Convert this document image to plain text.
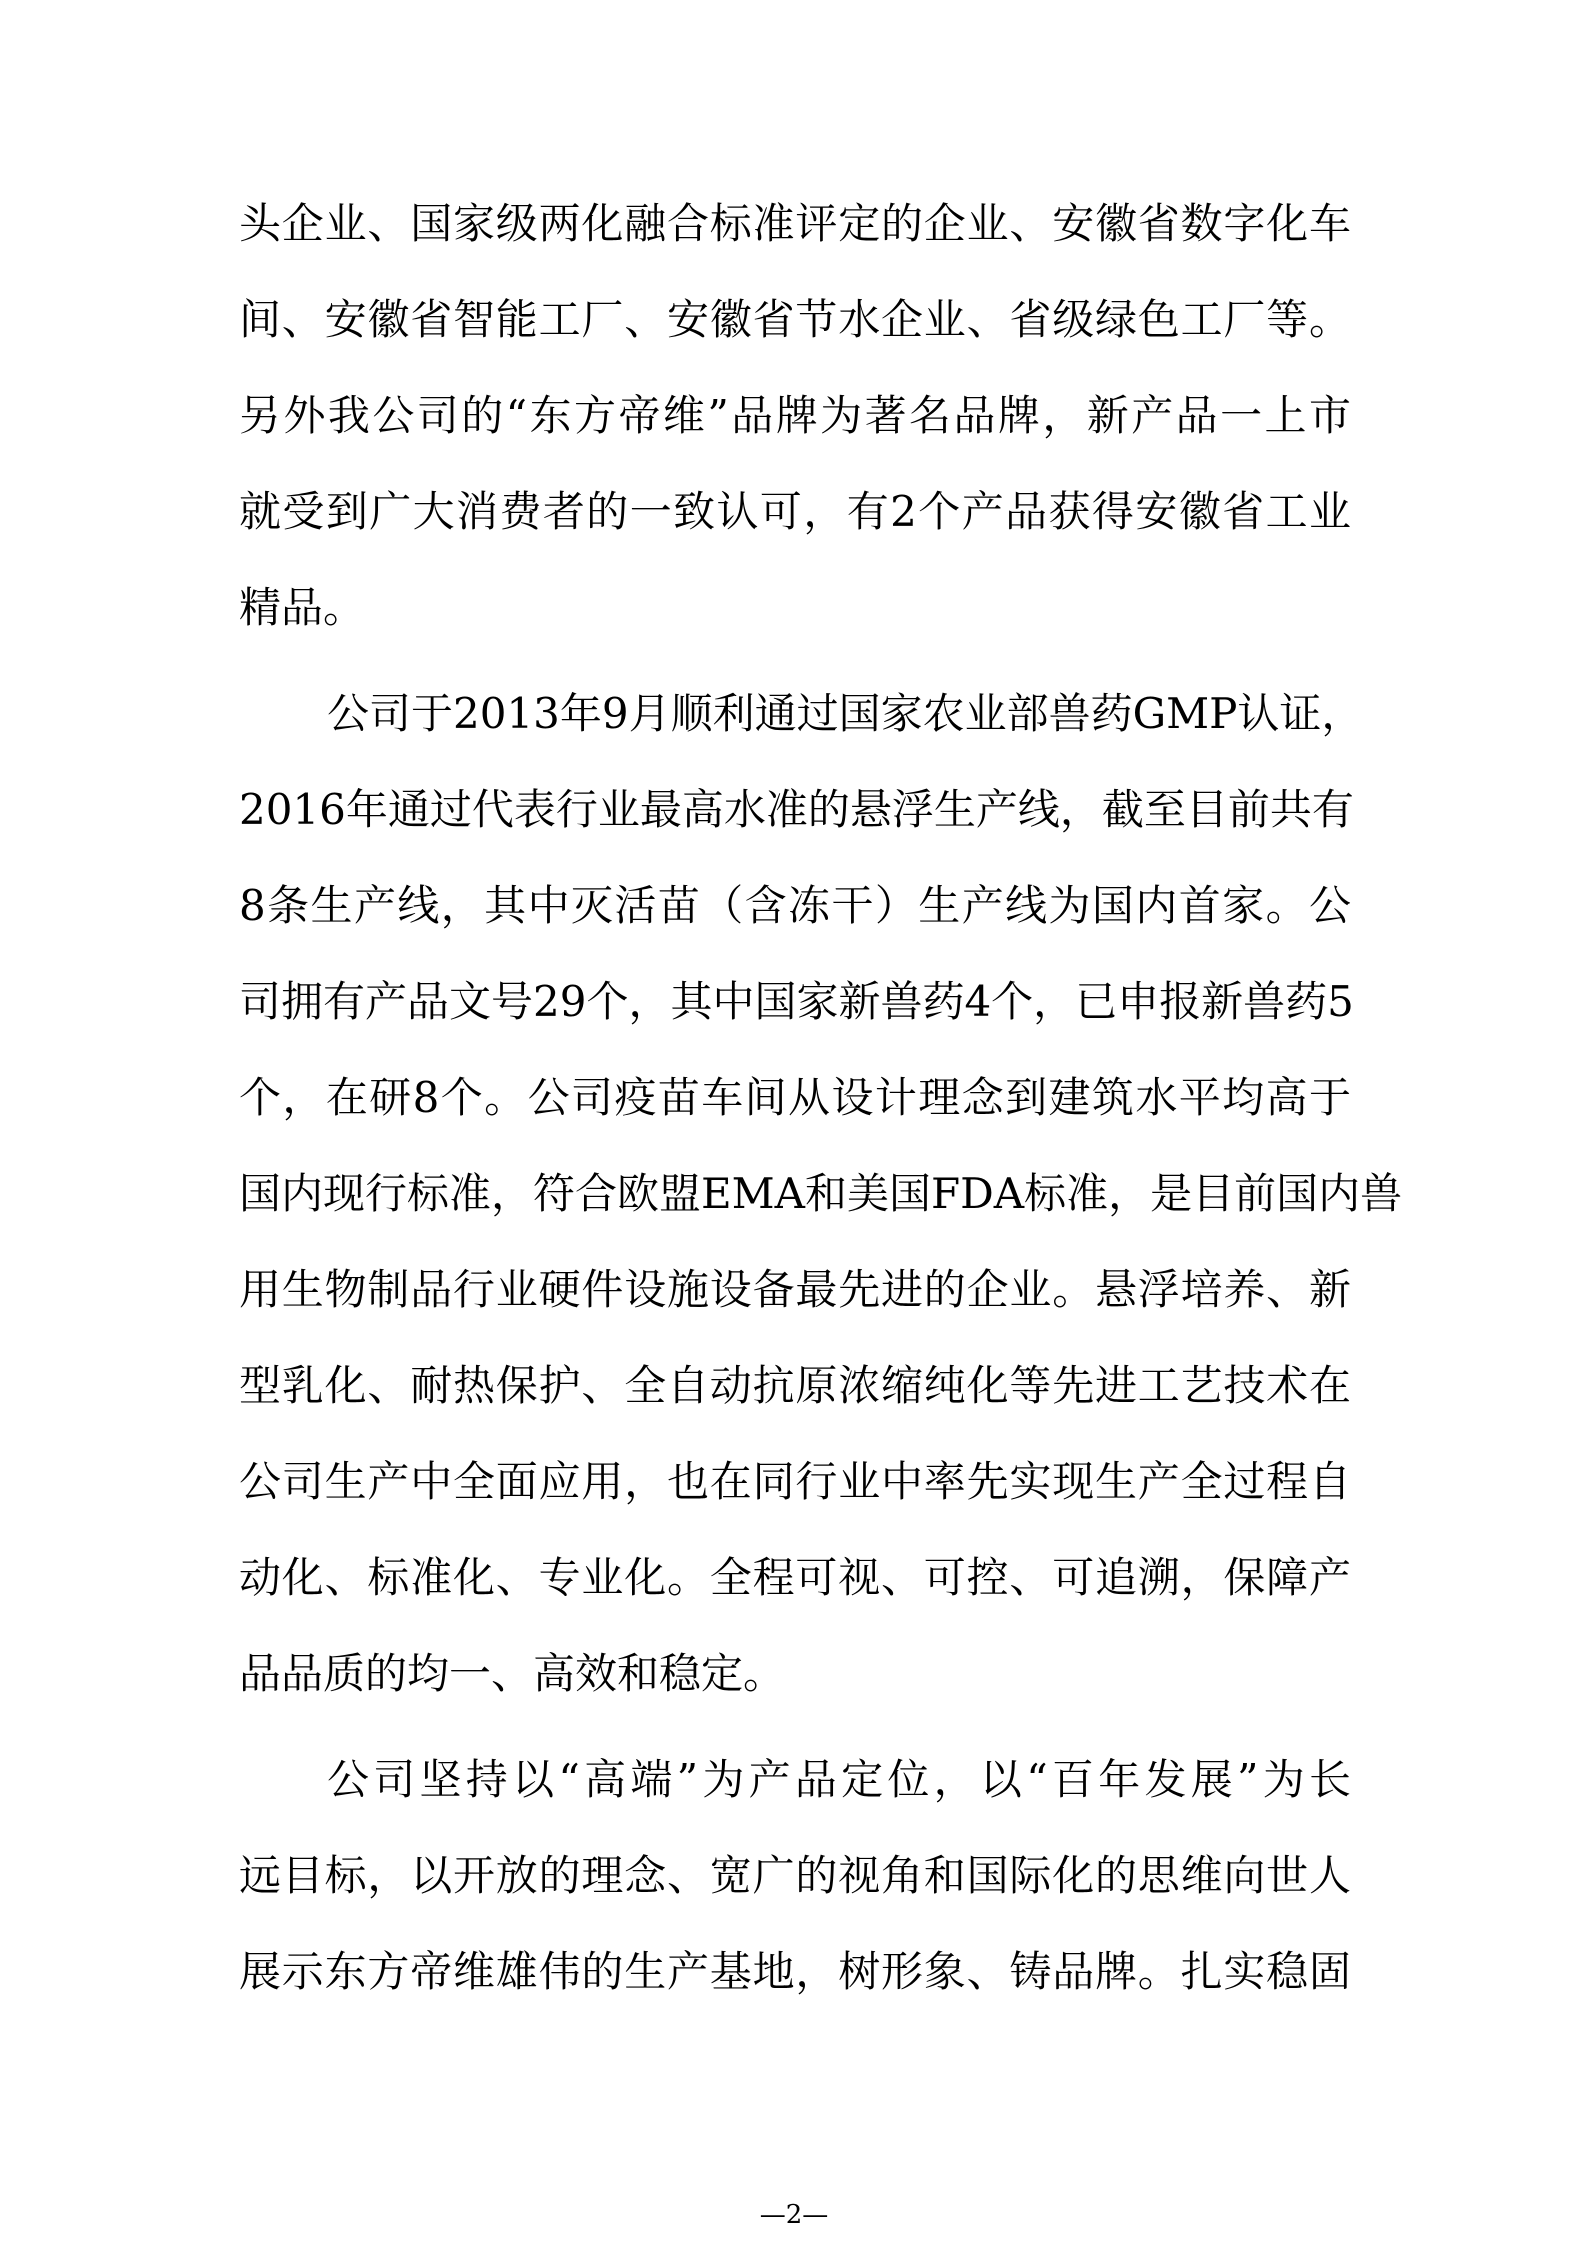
头企业、国家级两化融合标准评定的企业、安徽省数字化车
间、安徽省智能工厂、安徽省节水企业、省级绿色工厂等。
另外我公司的“东方帝维”品牌为著名品牌，新产品一上市
就受到广大消费者的一致认可，有2个产品获得安徽省工业
精品。
公司于2013年9月顺利通过国家农业部兽药GMP认证，
2016年通过代表行业最高水准的悬浮生产线，截至目前共有
8条生产线，其中灭活苗（含冻干）生产线为国内首家。公
司拥有产品文号29个，其中国家新兽药4个，已申报新兽药5
个，在研8个。公司疫苗车间从设计理念到建筑水平均高于
国内现行标准，符合欧盟EMA和美国FDA标准，是目前国内兽
用生物制品行业硬件设施设备最先进的企业。悬浮培养、新
型乳化、耐热保护、全自动抗原浓缩纯化等先进工艺技术在
公司生产中全面应用，也在同行业中率先实现生产全过程自
动化、标准化、专业化。全程可视、可控、可追溯，保障产
品品质的均一、高效和稳定。
公司坚持以“高端”为产品定位，以“百年发展”为长
远目标，以开放的理念、宽广的视角和国际化的思维向世人
展示东方帝维雄伟的生产基地，树形象、铸品牌。扎实稳固
—2—
